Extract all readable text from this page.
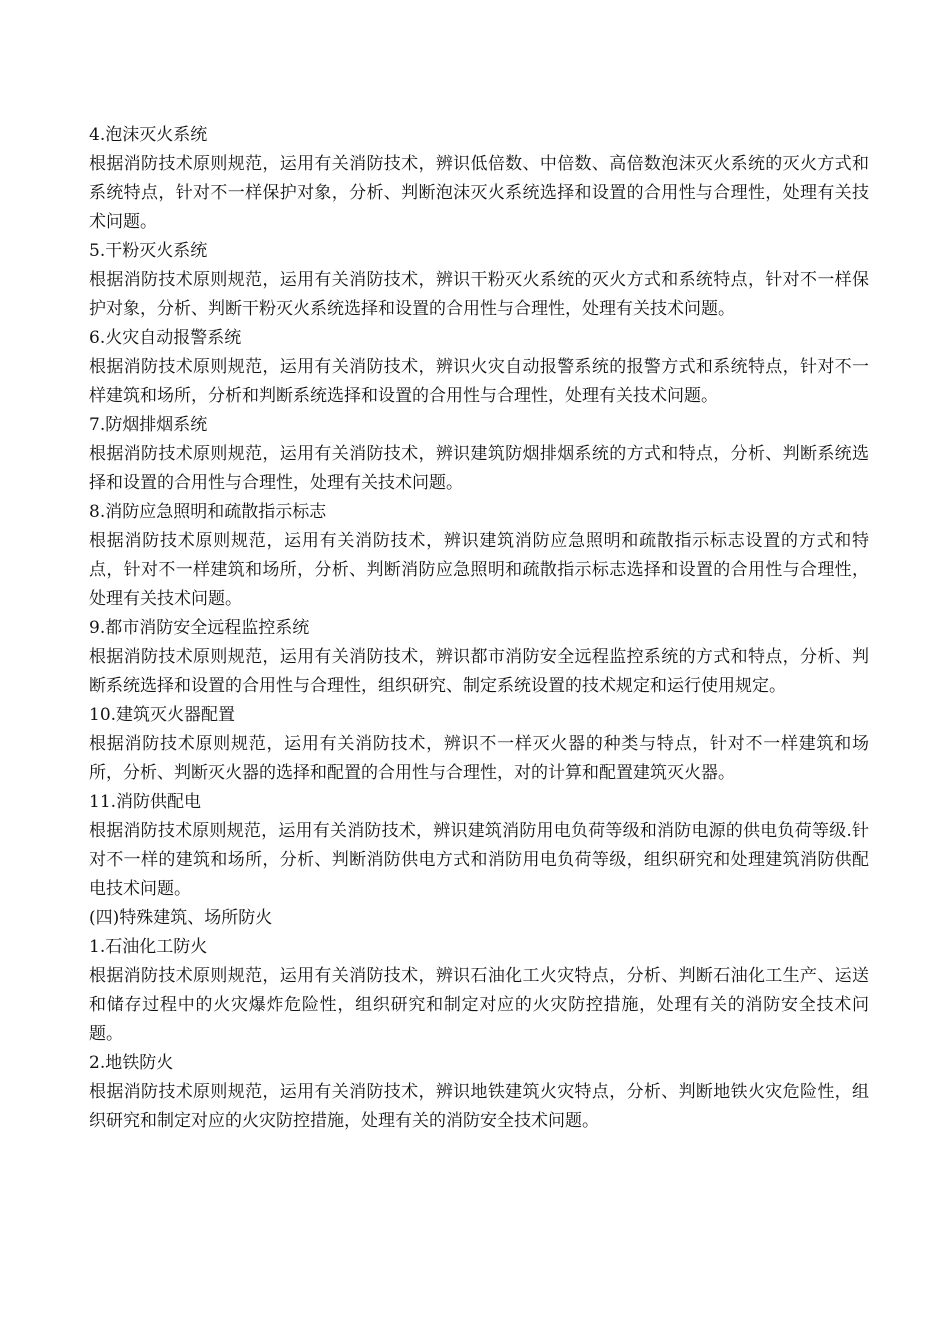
4.泡沫灭火系统

根据消防技术原则规范，运用有关消防技术，辨识低倍数、中倍数、高倍数泡沫灭火系统的灭火方式和系统特点，针对不一样保护对象，分析、判断泡沫灭火系统选择和设置的合用性与合理性，处理有关技术问题。

5.干粉灭火系统

根据消防技术原则规范，运用有关消防技术，辨识干粉灭火系统的灭火方式和系统特点，针对不一样保护对象，分析、判断干粉灭火系统选择和设置的合用性与合理性，处理有关技术问题。

6.火灾自动报警系统

根据消防技术原则规范，运用有关消防技术，辨识火灾自动报警系统的报警方式和系统特点，针对不一样建筑和场所，分析和判断系统选择和设置的合用性与合理性，处理有关技术问题。

7.防烟排烟系统

根据消防技术原则规范，运用有关消防技术，辨识建筑防烟排烟系统的方式和特点，分析、判断系统选择和设置的合用性与合理性，处理有关技术问题。

8.消防应急照明和疏散指示标志

根据消防技术原则规范，运用有关消防技术，辨识建筑消防应急照明和疏散指示标志设置的方式和特点，针对不一样建筑和场所，分析、判断消防应急照明和疏散指示标志选择和设置的合用性与合理性，处理有关技术问题。

9.都市消防安全远程监控系统

根据消防技术原则规范，运用有关消防技术，辨识都市消防安全远程监控系统的方式和特点，分析、判断系统选择和设置的合用性与合理性，组织研究、制定系统设置的技术规定和运行使用规定。

10.建筑灭火器配置

根据消防技术原则规范，运用有关消防技术，辨识不一样灭火器的种类与特点，针对不一样建筑和场所，分析、判断灭火器的选择和配置的合用性与合理性，对的计算和配置建筑灭火器。

11.消防供配电

根据消防技术原则规范，运用有关消防技术，辨识建筑消防用电负荷等级和消防电源的供电负荷等级.针对不一样的建筑和场所，分析、判断消防供电方式和消防用电负荷等级，组织研究和处理建筑消防供配电技术问题。

(四)特殊建筑、场所防火

1.石油化工防火

根据消防技术原则规范，运用有关消防技术，辨识石油化工火灾特点，分析、判断石油化工生产、运送和储存过程中的火灾爆炸危险性，组织研究和制定对应的火灾防控措施，处理有关的消防安全技术问题。

2.地铁防火

根据消防技术原则规范，运用有关消防技术，辨识地铁建筑火灾特点，分析、判断地铁火灾危险性，组织研究和制定对应的火灾防控措施，处理有关的消防安全技术问题。
